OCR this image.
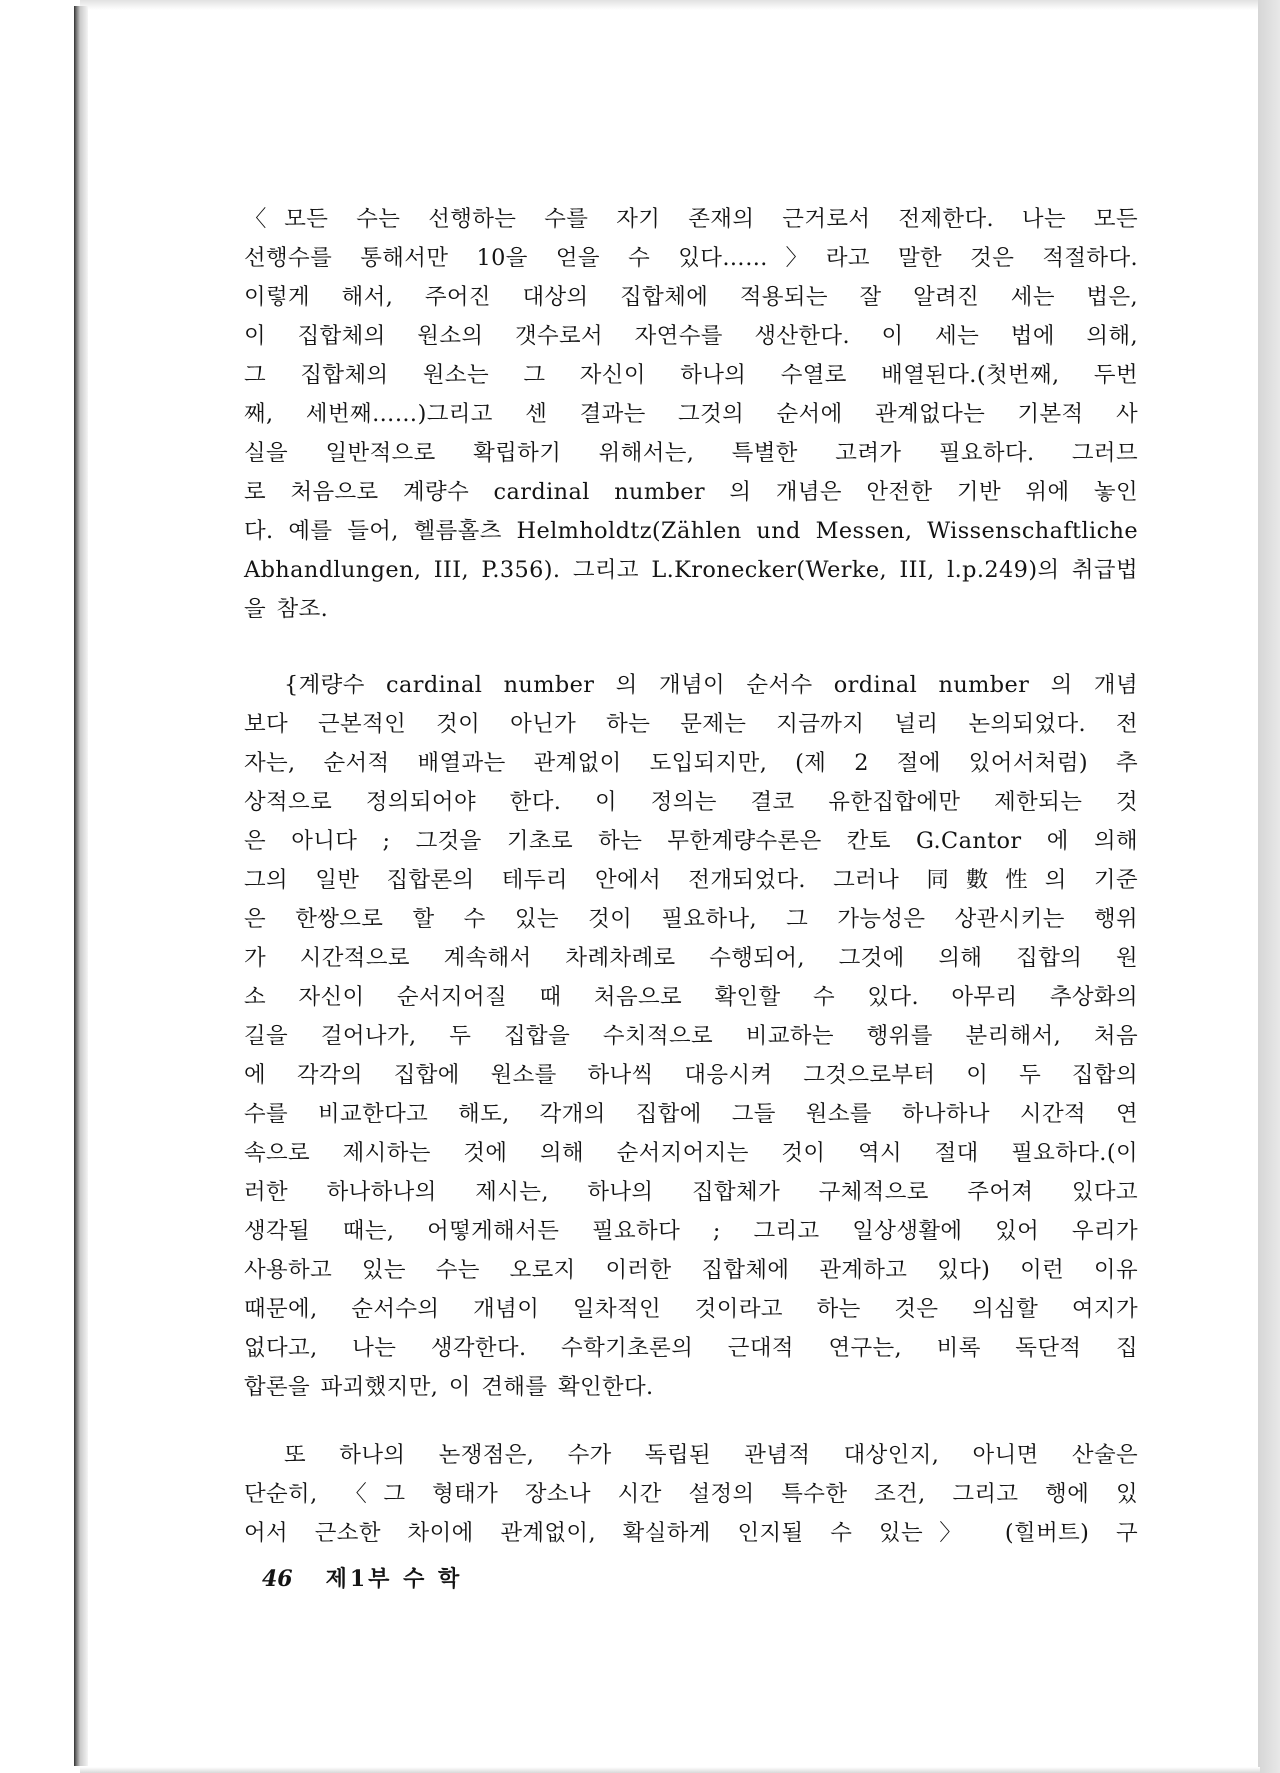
〈모든 수는 선행하는 수를 자기 존재의 근거로서 전제한다. 나는 모든
선행수를 통해서만 10을 얻을 수 있다……〉라고 말한 것은 적절하다.
이렇게 해서, 주어진 대상의 집합체에 적용되는 잘 알려진 세는 법은,
이 집합체의 원소의 갯수로서 자연수를 생산한다. 이 세는 법에 의해,
그 집합체의 원소는 그 자신이 하나의 수열로 배열된다.(첫번째, 두번
째, 세번째……)그리고 센 결과는 그것의 순서에 관계없다는 기본적 사
실을 일반적으로 확립하기 위해서는, 특별한 고려가 필요하다. 그러므
로 처음으로 계량수 cardinal number 의 개념은 안전한 기반 위에 놓인
다. 예를 들어, 헬름홀츠 Helmholdtz(Zählen und Messen, Wissenschaftliche
Abhandlungen, III, P.356). 그리고 L.Kronecker(Werke, III, l.p.249)의 취급법
을 참조.
{계량수 cardinal number 의 개념이 순서수 ordinal number 의 개념
보다 근본적인 것이 아닌가 하는 문제는 지금까지 널리 논의되었다. 전
자는, 순서적 배열과는 관계없이 도입되지만, (제 2 절에 있어서처럼) 추
상적으로 정의되어야 한다. 이 정의는 결코 유한집합에만 제한되는 것
은 아니다 ; 그것을 기초로 하는 무한계량수론은 칸토 G.Cantor 에 의해
그의 일반 집합론의 테두리 안에서 전개되었다. 그러나 同數性의 기준
은 한쌍으로 할 수 있는 것이 필요하나, 그 가능성은 상관시키는 행위
가 시간적으로 계속해서 차례차례로 수행되어, 그것에 의해 집합의 원
소 자신이 순서지어질 때 처음으로 확인할 수 있다. 아무리 추상화의
길을 걸어나가, 두 집합을 수치적으로 비교하는 행위를 분리해서, 처음
에 각각의 집합에 원소를 하나씩 대응시켜 그것으로부터 이 두 집합의
수를 비교한다고 해도, 각개의 집합에 그들 원소를 하나하나 시간적 연
속으로 제시하는 것에 의해 순서지어지는 것이 역시 절대 필요하다.(이
러한 하나하나의 제시는, 하나의 집합체가 구체적으로 주어져 있다고
생각될 때는, 어떻게해서든 필요하다 ; 그리고 일상생활에 있어 우리가
사용하고 있는 수는 오로지 이러한 집합체에 관계하고 있다) 이런 이유
때문에, 순서수의 개념이 일차적인 것이라고 하는 것은 의심할 여지가
없다고, 나는 생각한다. 수학기초론의 근대적 연구는, 비록 독단적 집
합론을 파괴했지만, 이 견해를 확인한다.
또 하나의 논쟁점은, 수가 독립된 관념적 대상인지, 아니면 산술은
단순히, 〈그 형태가 장소나 시간 설정의 특수한 조건, 그리고 행에 있
어서 근소한 차이에 관계없이, 확실하게 인지될 수 있는〉 (힐버트) 구
46 제1부 수 학
